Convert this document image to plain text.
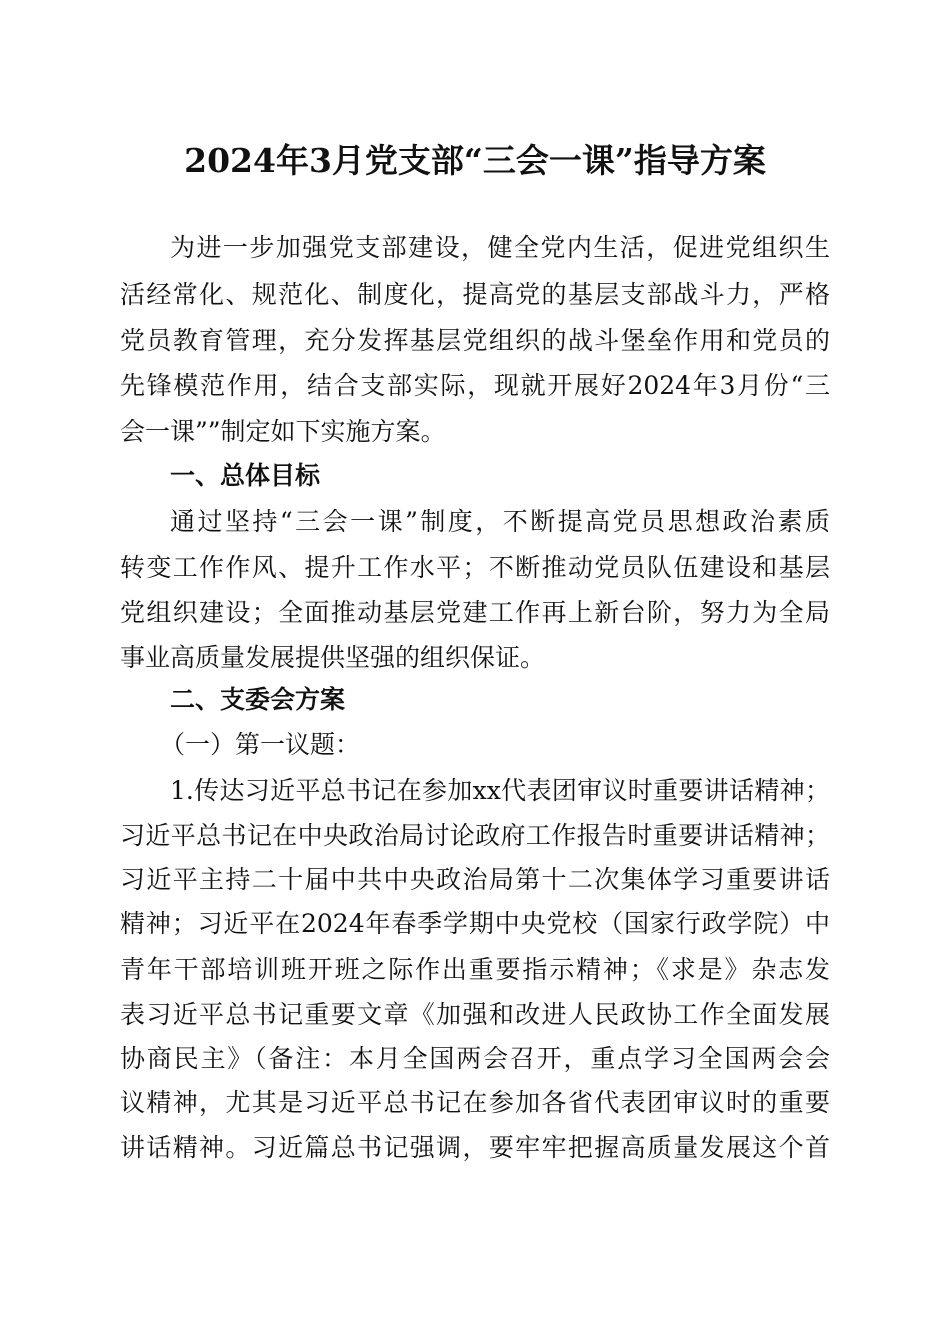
2024年3月党支部“三会一课”指导方案

为进一步加强党支部建设，健全党内生活，促进党组织生

活经常化、规范化、制度化，提高党的基层支部战斗力，严格

党员教育管理，充分发挥基层党组织的战斗堡垒作用和党员的

先锋模范作用，结合支部实际，现就开展好2024年3月份“三

会一课””制定如下实施方案。

一、总体目标

通过坚持“三会一课”制度，不断提高党员思想政治素质

转变工作作风、提升工作水平；不断推动党员队伍建设和基层

党组织建设；全面推动基层党建工作再上新台阶，努力为全局

事业高质量发展提供坚强的组织保证。

二、支委会方案

（一）第一议题：

1.传达习近平总书记在参加xx代表团审议时重要讲话精神；

习近平总书记在中央政治局讨论政府工作报告时重要讲话精神；

习近平主持二十届中共中央政治局第十二次集体学习重要讲话

精神；习近平在2024年春季学期中央党校（国家行政学院）中

青年干部培训班开班之际作出重要指示精神；《求是》杂志发

表习近平总书记重要文章《加强和改进人民政协工作全面发展

协商民主》（备注：本月全国两会召开，重点学习全国两会会

议精神，尤其是习近平总书记在参加各省代表团审议时的重要

讲话精神。习近篇总书记强调，要牢牢把握高质量发展这个首
